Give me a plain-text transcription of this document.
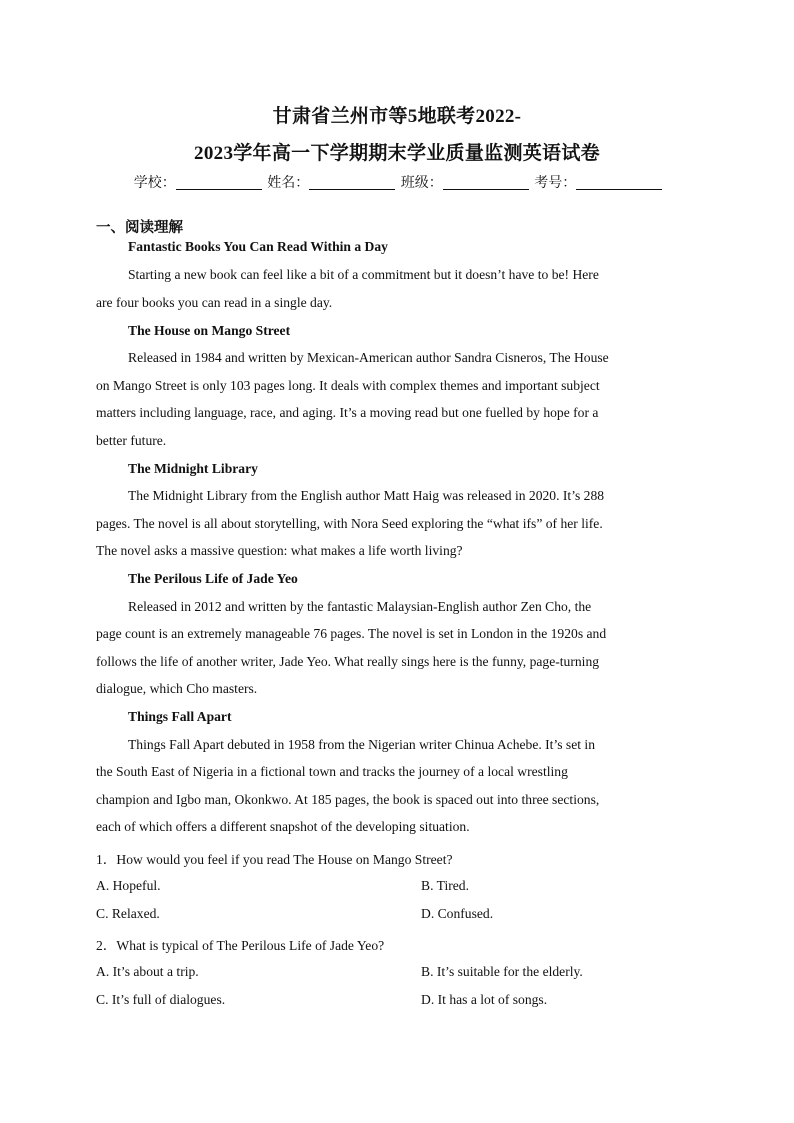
甘肃省兰州市等5地联考2022-
2023学年高一下学期期末学业质量监测英语试卷
学校：	姓名：	班级：	考号：
一、阅读理解
Fantastic Books You Can Read Within a Day
Starting a new book can feel like a bit of a commitment but it doesn’t have to be! Here
are four books you can read in a single day.
The House on Mango Street
Released in 1984 and written by Mexican-American author Sandra Cisneros, The House
on Mango Street is only 103 pages long. It deals with complex themes and important subject
matters including language, race, and aging. It’s a moving read but one fuelled by hope for a
better future.
The Midnight Library
The Midnight Library from the English author Matt Haig was released in 2020. It’s 288
pages. The novel is all about storytelling, with Nora Seed exploring the “what ifs” of her life.
The novel asks a massive question: what makes a life worth living?
The Perilous Life of Jade Yeo
Released in 2012 and written by the fantastic Malaysian-English author Zen Cho, the
page count is an extremely manageable 76 pages. The novel is set in London in the 1920s and
follows the life of another writer, Jade Yeo. What really sings here is the funny, page-turning
dialogue, which Cho masters.
Things Fall Apart
Things Fall Apart debuted in 1958 from the Nigerian writer Chinua Achebe. It’s set in
the South East of Nigeria in a fictional town and tracks the journey of a local wrestling
champion and Igbo man, Okonkwo. At 185 pages, the book is spaced out into three sections,
each of which offers a different snapshot of the developing situation.
1．How would you feel if you read The House on Mango Street?
A. Hopeful.	B. Tired.
C. Relaxed.	D. Confused.
2．What is typical of The Perilous Life of Jade Yeo?
A. It’s about a trip.	B. It’s suitable for the elderly.
C. It’s full of dialogues.	D. It has a lot of songs.
